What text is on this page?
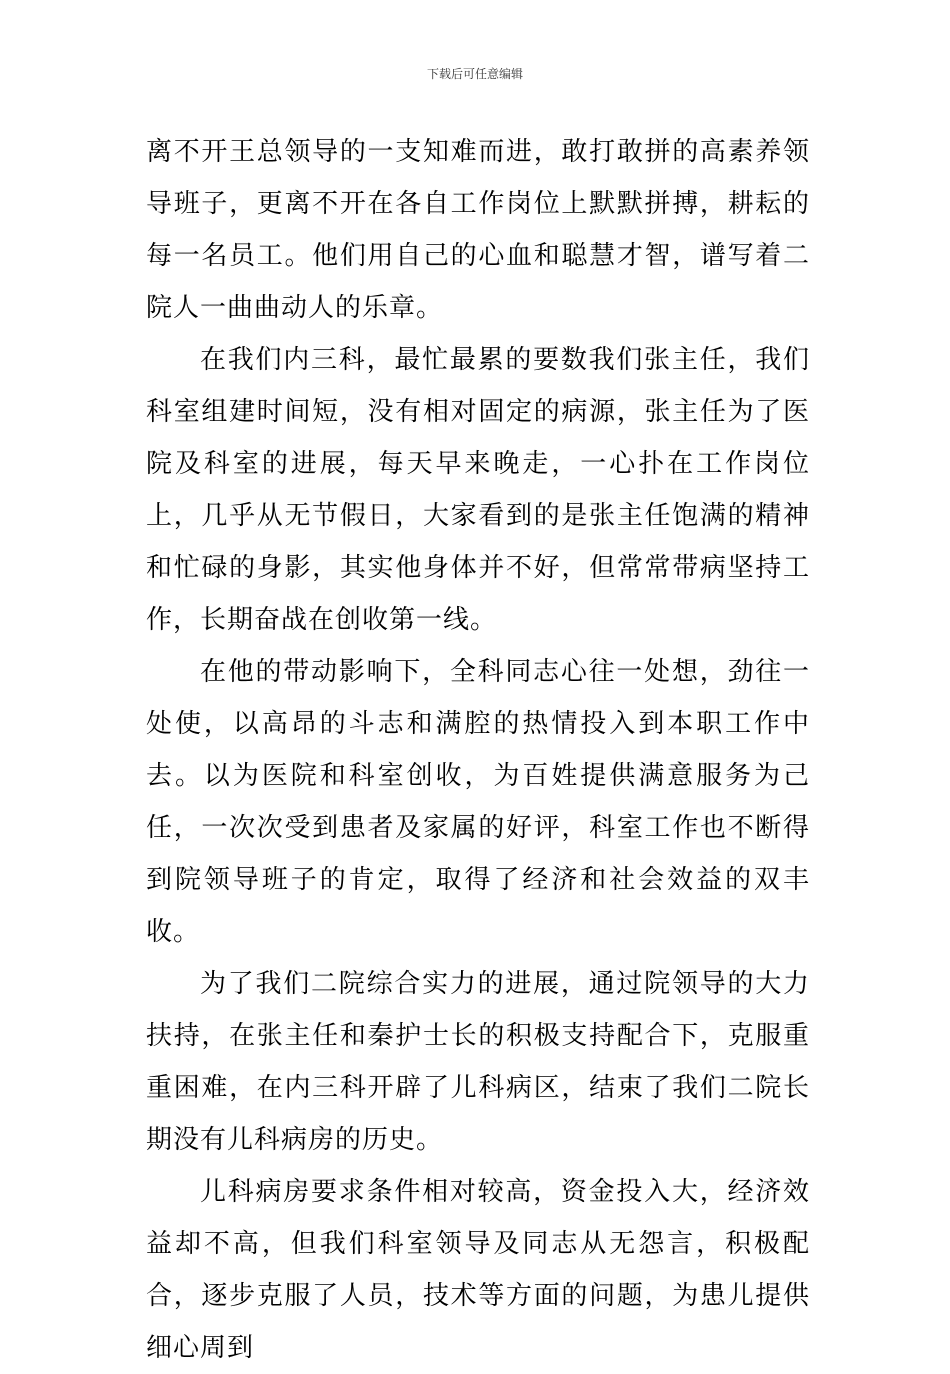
下载后可任意编辑

离不开王总领导的一支知难而进，敢打敢拼的高素养领导班子，更离不开在各自工作岗位上默默拼搏，耕耘的每一名员工。他们用自己的心血和聪慧才智，谱写着二院人一曲曲动人的乐章。

在我们内三科，最忙最累的要数我们张主任，我们科室组建时间短，没有相对固定的病源，张主任为了医院及科室的进展，每天早来晚走，一心扑在工作岗位上，几乎从无节假日，大家看到的是张主任饱满的精神和忙碌的身影，其实他身体并不好，但常常带病坚持工作，长期奋战在创收第一线。

在他的带动影响下，全科同志心往一处想，劲往一处使，以高昂的斗志和满腔的热情投入到本职工作中去。以为医院和科室创收，为百姓提供满意服务为己任，一次次受到患者及家属的好评，科室工作也不断得到院领导班子的肯定，取得了经济和社会效益的双丰收。

为了我们二院综合实力的进展，通过院领导的大力扶持，在张主任和秦护士长的积极支持配合下，克服重重困难，在内三科开辟了儿科病区，结束了我们二院长期没有儿科病房的历史。

儿科病房要求条件相对较高，资金投入大，经济效益却不高，但我们科室领导及同志从无怨言，积极配合，逐步克服了人员，技术等方面的问题，为患儿提供细心周到
